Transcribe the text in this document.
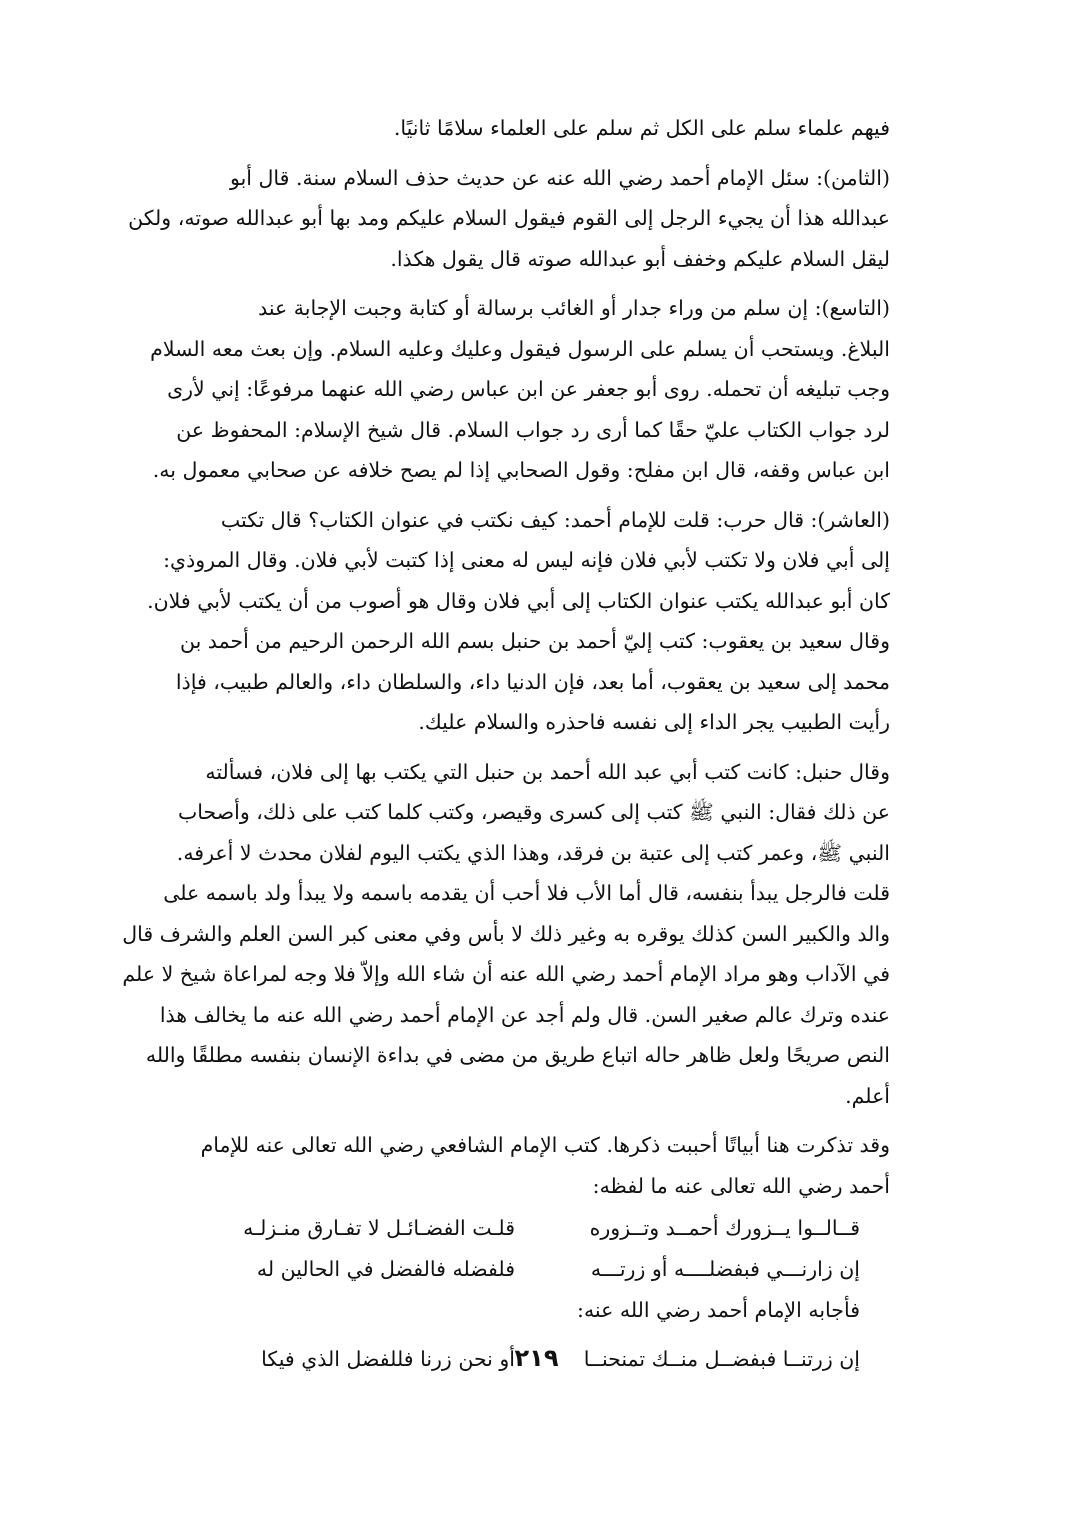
فيهم علماء سلم على الكل ثم سلم على العلماء سلامًا ثانيًا.

(الثامن): سئل الإمام أحمد رضي الله عنه عن حديث حذف السلام سنة. قال أبو
عبدالله هذا أن يجيء الرجل إلى القوم فيقول السلام عليكم ومد بها أبو عبدالله صوته، ولكن
ليقل السلام عليكم وخفف أبو عبدالله صوته قال يقول هكذا.

(التاسع): إن سلم من وراء جدار أو الغائب برسالة أو كتابة وجبت الإجابة عند
البلاغ. ويستحب أن يسلم على الرسول فيقول وعليك وعليه السلام. وإن بعث معه السلام
وجب تبليغه أن تحمله. روى أبو جعفر عن ابن عباس رضي الله عنهما مرفوعًا: إني لأرى
لرد جواب الكتاب عليّ حقًا كما أرى رد جواب السلام. قال شيخ الإسلام: المحفوظ عن
ابن عباس وقفه، قال ابن مفلح: وقول الصحابي إذا لم يصح خلافه عن صحابي معمول به.

(العاشر): قال حرب: قلت للإمام أحمد: كيف نكتب في عنوان الكتاب؟ قال تكتب
إلى أبي فلان ولا تكتب لأبي فلان فإنه ليس له معنى إذا كتبت لأبي فلان. وقال المروذي:
كان أبو عبدالله يكتب عنوان الكتاب إلى أبي فلان وقال هو أصوب من أن يكتب لأبي فلان.
وقال سعيد بن يعقوب: كتب إليّ أحمد بن حنبل بسم الله الرحمن الرحيم من أحمد بن
محمد إلى سعيد بن يعقوب، أما بعد، فإن الدنيا داء، والسلطان داء، والعالم طبيب، فإذا
رأيت الطبيب يجر الداء إلى نفسه فاحذره والسلام عليك.

وقال حنبل: كانت كتب أبي عبد الله أحمد بن حنبل التي يكتب بها إلى فلان، فسألته
عن ذلك فقال: النبي ﷺ كتب إلى كسرى وقيصر، وكتب كلما كتب على ذلك، وأصحاب
النبي ﷺ، وعمر كتب إلى عتبة بن فرقد، وهذا الذي يكتب اليوم لفلان محدث لا أعرفه.
قلت فالرجل يبدأ بنفسه، قال أما الأب فلا أحب أن يقدمه باسمه ولا يبدأ ولد باسمه على
والد والكبير السن كذلك يوقره به وغير ذلك لا بأس وفي معنى كبر السن العلم والشرف قال
في الآداب وهو مراد الإمام أحمد رضي الله عنه أن شاء الله وإلاّ فلا وجه لمراعاة شيخ لا علم
عنده وترك عالم صغير السن. قال ولم أجد عن الإمام أحمد رضي الله عنه ما يخالف هذا
النص صريحًا ولعل ظاهر حاله اتباع طريق من مضى في بداءة الإنسان بنفسه مطلقًا والله
أعلم.

وقد تذكرت هنا أبياتًا أحببت ذكرها. كتب الإمام الشافعي رضي الله تعالى عنه للإمام
أحمد رضي الله تعالى عنه ما لفظه:

قــالــوا يــزورك أحمــد وتــزوره
قلـت الفضـائـل لا تفـارق منـزلـه
إن زارنـــي فبفضلــــه أو زرتـــه
فلفضله فالفضل في الحالين له
فأجابه الإمام أحمد رضي الله عنه:
إن زرتنــا فبفضــل منــك تمنحنــا
أو نحن زرنا فللفضل الذي فيكا ٢١٩
